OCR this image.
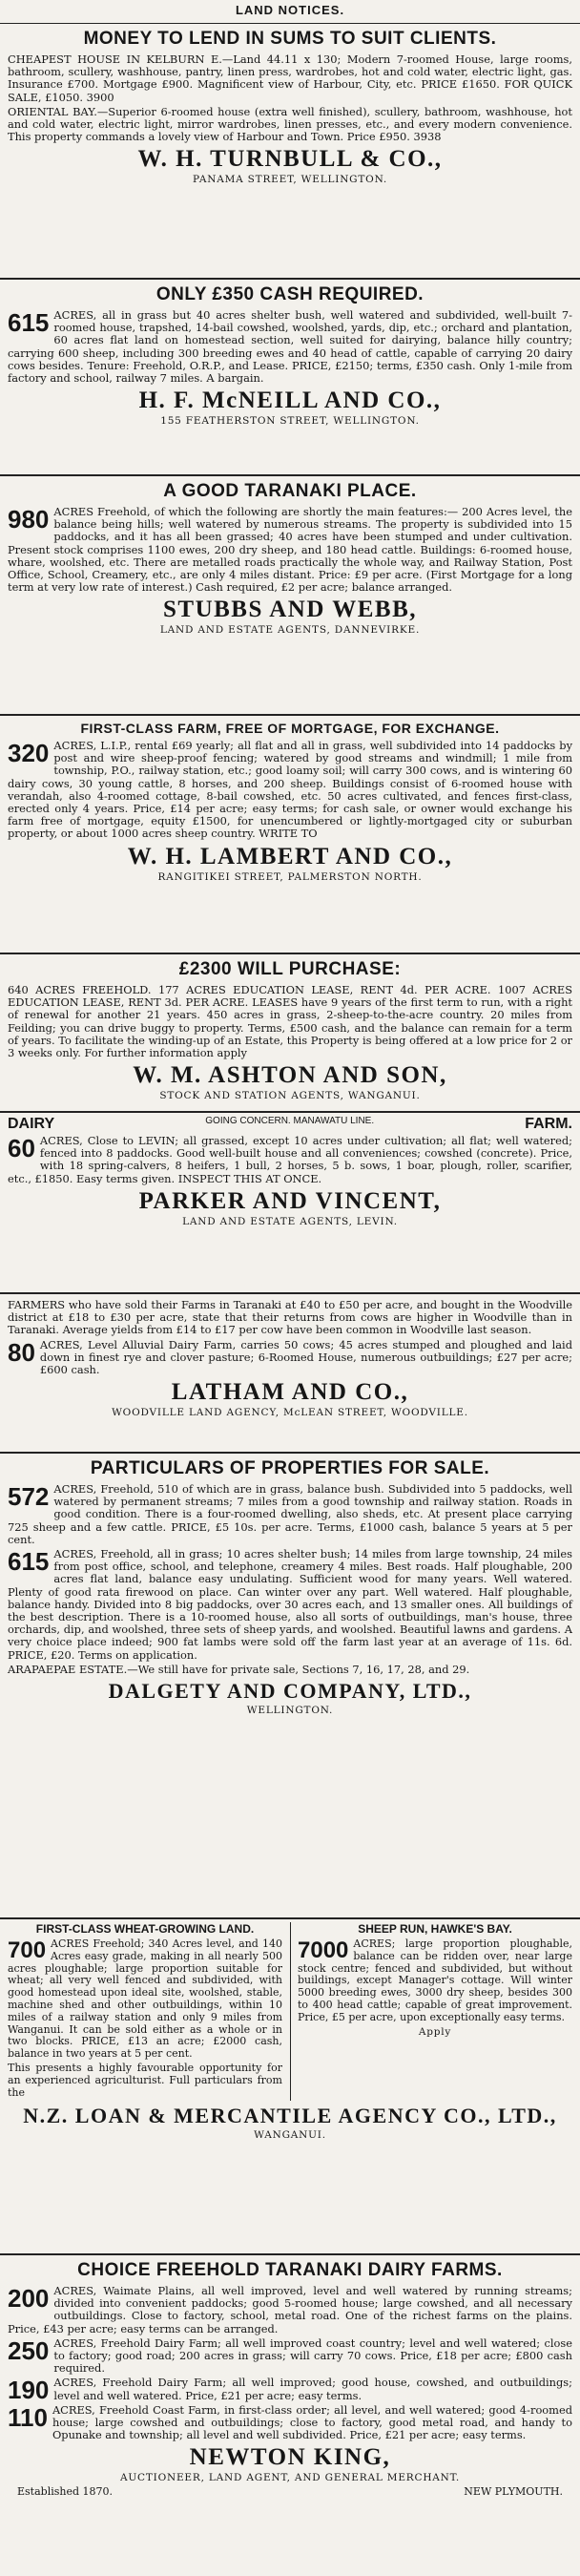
LAND NOTICES.
MONEY TO LEND IN SUMS TO SUIT CLIENTS.
CHEAPEST HOUSE IN KELBURN E.—Land 44.11 x 130; Modern 7-roomed House, large rooms, bathroom, scullery, washhouse, pantry, linen press, wardrobes, hot and cold water, electric light, gas. Insurance £700. Mortgage £900. Magnificent view of Harbour, City, etc. PRICE £1650. FOR QUICK SALE, £1050. 3900
ORIENTAL BAY.—Superior 6-roomed house (extra well finished), scullery, bathroom, washhouse, hot and cold water, electric light, mirror wardrobes, linen presses, etc., and every modern convenience. This property commands a lovely view of Harbour and Town. Price £950. 3938
W. H. TURNBULL & CO.,
PANAMA STREET, WELLINGTON.
ONLY £350 CASH REQUIRED.
615 ACRES, all in grass but 40 acres shelter bush, well watered and subdivided, well-built 7-roomed house, trapshed, 14-bail cowshed, woolshed, yards, dip, etc.; orchard and plantation, 60 acres flat land on homestead section, well suited for dairying, balance hilly country; carrying 600 sheep, including 300 breeding ewes and 40 head of cattle, capable of carrying 20 dairy cows besides. Tenure: Freehold, O.R.P., and Lease. PRICE, £2150; terms, £350 cash. Only 1-mile from factory and school, railway 7 miles. A bargain.
H. F. McNEILL AND CO.,
155 FEATHERSTON STREET, WELLINGTON.
A GOOD TARANAKI PLACE.
980 ACRES Freehold, of which the following are shortly the main features:— 200 Acres level, the balance being hills; well watered by numerous streams. The property is subdivided into 15 paddocks, and it has all been grassed; 40 acres have been stumped and under cultivation. Present stock comprises 1100 ewes, 200 dry sheep, and 180 head cattle. Buildings: 6-roomed house, whare, woolshed, etc. There are metalled roads practically the whole way, and Railway Station, Post Office, School, Creamery, etc., are only 4 miles distant. Price: £9 per acre. (First Mortgage for a long term at very low rate of interest.) Cash required, £2 per acre; balance arranged.
STUBBS AND WEBB,
LAND AND ESTATE AGENTS, DANNEVIRKE.
FIRST-CLASS FARM, FREE OF MORTGAGE, FOR EXCHANGE.
320 ACRES, L.I.P., rental £69 yearly; all flat and all in grass, well subdivided into 14 paddocks by post and wire sheep-proof fencing; watered by good streams and windmill; 1 mile from township, P.O., railway station, etc.; good loamy soil; will carry 300 cows, and is wintering 60 dairy cows, 30 young cattle, 8 horses, and 200 sheep. Buildings consist of 6-roomed house with verandah, also 4-roomed cottage, 8-bail cowshed, etc. 50 acres cultivated, and fences first-class, erected only 4 years. Price, £14 per acre; easy terms; for cash sale, or owner would exchange his farm free of mortgage, equity £1500, for unencumbered or lightly-mortgaged city or suburban property, or about 1000 acres sheep country. WRITE TO
W. H. LAMBERT AND CO.,
RANGITIKEI STREET, PALMERSTON NORTH.
£2300 WILL PURCHASE:
640 ACRES FREEHOLD. 177 ACRES EDUCATION LEASE, RENT 4d. PER ACRE. 1007 ACRES EDUCATION LEASE, RENT 3d. PER ACRE. LEASES have 9 years of the first term to run, with a right of renewal for another 21 years. 450 acres in grass, 2-sheep-to-the-acre country. 20 miles from Feilding; you can drive buggy to property. Terms, £500 cash, and the balance can remain for a term of years. To facilitate the winding-up of an Estate, this Property is being offered at a low price for 2 or 3 weeks only. For further information apply
W. M. ASHTON AND SON,
STOCK AND STATION AGENTS, WANGANUI.
DAIRY	GOING CONCERN. MANAWATU LINE.	FARM.
60 ACRES, Close to LEVIN; all grassed, except 10 acres under cultivation; all flat; well watered; fenced into 8 paddocks. Good well-built house and all conveniences; cowshed (concrete). Price, with 18 spring-calvers, 8 heifers, 1 bull, 2 horses, 5 b. sows, 1 boar, plough, roller, scarifier, etc., £1850. Easy terms given. INSPECT THIS AT ONCE.
PARKER AND VINCENT,
LAND AND ESTATE AGENTS, LEVIN.
FARMERS who have sold their Farms in Taranaki at £40 to £50 per acre, and bought in the Woodville district at £18 to £30 per acre, state that their returns from cows are higher in Woodville than in Taranaki. Average yields from £14 to £17 per cow have been common in Woodville last season.
80 ACRES, Level Alluvial Dairy Farm, carries 50 cows; 45 acres stumped and ploughed and laid down in finest rye and clover pasture; 6-Roomed House, numerous outbuildings; £27 per acre; £600 cash.
LATHAM AND CO.,
WOODVILLE LAND AGENCY, McLEAN STREET, WOODVILLE.
PARTICULARS OF PROPERTIES FOR SALE.
572 ACRES, Freehold, 510 of which are in grass, balance bush. Subdivided into 5 paddocks, well watered by permanent streams; 7 miles from a good township and railway station. Roads in good condition. There is a four-roomed dwelling, also sheds, etc. At present place carrying 725 sheep and a few cattle. PRICE, £5 10s. per acre. Terms, £1000 cash, balance 5 years at 5 per cent.
615 ACRES, Freehold, all in grass; 10 acres shelter bush; 14 miles from large township, 24 miles from post office, school, and telephone, creamery 4 miles. Best roads. Half ploughable, 200 acres flat land, balance easy undulating. Sufficient wood for many years. Well watered. Plenty of good rata firewood on place. Can winter over any part. Well watered. Half ploughable, balance handy. Divided into 8 big paddocks, over 30 acres each, and 13 smaller ones. All buildings of the best description. There is a 10-roomed house, also all sorts of outbuildings, man's house, three orchards, dip, and woolshed, three sets of sheep yards, and woolshed. Beautiful lawns and gardens. A very choice place indeed; 900 fat lambs were sold off the farm last year at an average of 11s. 6d. PRICE, £20. Terms on application.
ARAPAEPAE ESTATE.—We still have for private sale, Sections 7, 16, 17, 28, and 29.
DALGETY AND COMPANY, LTD.,
WELLINGTON.
FIRST-CLASS WHEAT-GROWING LAND.
700 ACRES Freehold; 340 Acres level, and 140 Acres easy grade, making in all nearly 500 acres ploughable; large proportion suitable for wheat; all very well fenced and subdivided, with good homestead upon ideal site, woolshed, stable, machine shed and other outbuildings, within 10 miles of a railway station and only 9 miles from Wanganui. It can be sold either as a whole or in two blocks. PRICE, £13 an acre; £2000 cash, balance in two years at 5 per cent.
This presents a highly favourable opportunity for an experienced agriculturist. Full particulars from the
SHEEP RUN, HAWKE'S BAY.
7000 ACRES; large proportion ploughable, balance can be ridden over, near large stock centre; fenced and subdivided, but without buildings, except Manager's cottage. Will winter 5000 breeding ewes, 3000 dry sheep, besides 300 to 400 head cattle; capable of great improvement. Price, £5 per acre, upon exceptionally easy terms.
Apply
N.Z. LOAN & MERCANTILE AGENCY CO., LTD.,
WANGANUI.
CHOICE FREEHOLD TARANAKI DAIRY FARMS.
200 ACRES, Waimate Plains, all well improved, level and well watered by running streams; divided into convenient paddocks; good 5-roomed house; large cowshed, and all necessary outbuildings. Close to factory, school, metal road. One of the richest farms on the plains. Price, £43 per acre; easy terms can be arranged.
250 ACRES, Freehold Dairy Farm; all well improved coast country; level and well watered; close to factory; good road; 200 acres in grass; will carry 70 cows. Price, £18 per acre; £800 cash required.
190 ACRES, Freehold Dairy Farm; all well improved; good house, cowshed, and outbuildings; level and well watered. Price, £21 per acre; easy terms.
110 ACRES, Freehold Coast Farm, in first-class order; all level, and well watered; good 4-roomed house; large cowshed and outbuildings; close to factory, good metal road, and handy to Opunake and township; all level and well subdivided. Price, £21 per acre; easy terms.
NEWTON KING,
AUCTIONEER, LAND AGENT, AND GENERAL MERCHANT.
Established 1870.	NEW PLYMOUTH.
